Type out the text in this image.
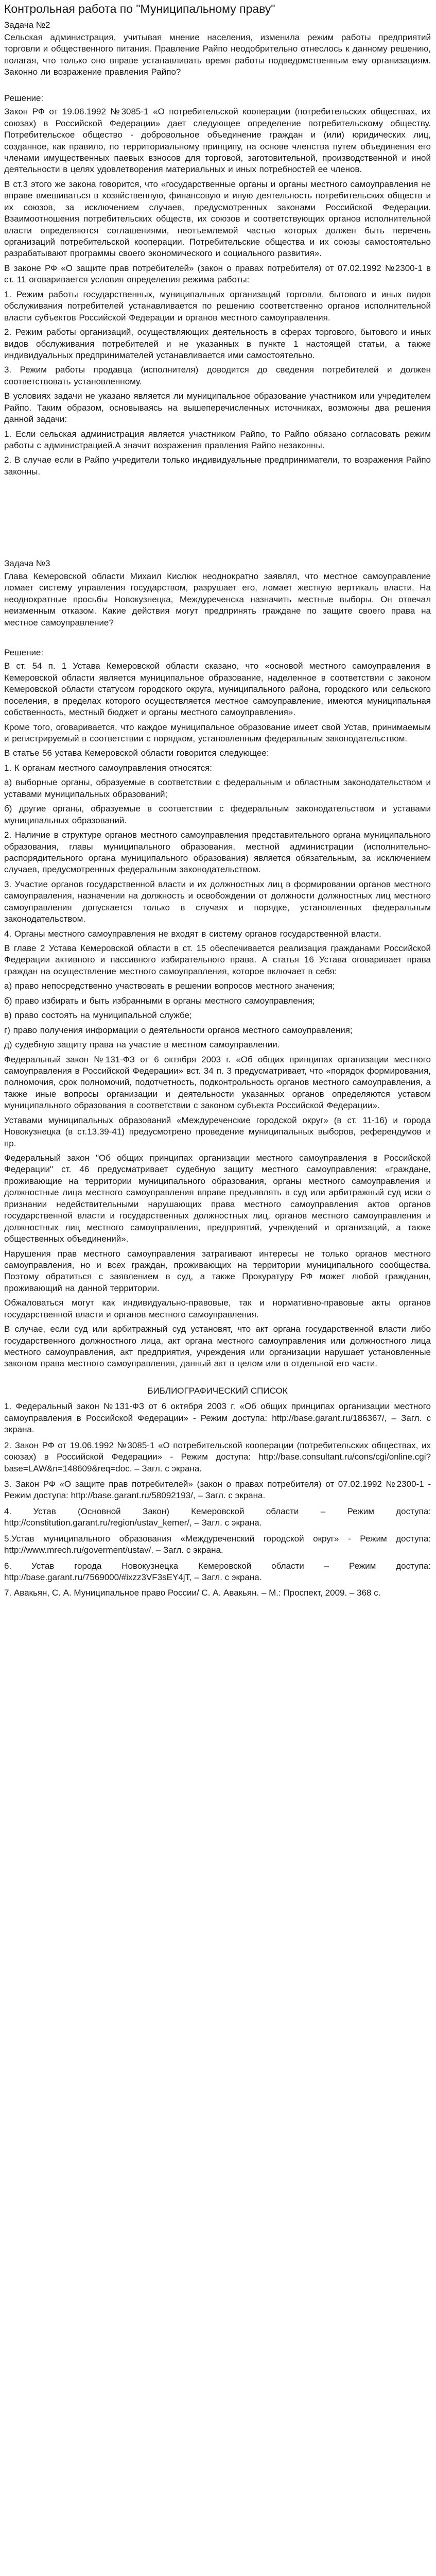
Контрольная работа по "Муниципальному праву"
Задача №2

Сельская администрация, учитывая мнение населения, изменила режим работы предприятий торговли и общественного питания. Правление Райпо неодобрительно отнеслось к данному решению, полагая, что только оно вправе устанавливать время работы подведомственным ему организациям. Законно ли возражение правления Райпо?

Решение:

Закон РФ от 19.06.1992 №3085-1 «О потребительской кооперации (потребительских обществах, их союзах) в Российской Федерации» дает следующее определение потребительскому обществу. Потребительское общество - добровольное объединение граждан и (или) юридических лиц, созданное, как правило, по территориальному принципу, на основе членства путем объединения его членами имущественных паевых взносов для торговой, заготовительной, производственной и иной деятельности в целях удовлетворения материальных и иных потребностей ее членов.

В ст.3 этого же закона говорится, что «государственные органы и органы местного самоуправления не вправе вмешиваться в хозяйственную, финансовую и иную деятельность потребительских обществ и их союзов, за исключением случаев, предусмотренных законами Российской Федерации. Взаимоотношения потребительских обществ, их союзов и соответствующих органов исполнительной власти определяются соглашениями, неотъемлемой частью которых должен быть перечень организаций потребительской кооперации. Потребительские общества и их союзы самостоятельно разрабатывают программы своего экономического и социального развития».

В законе РФ «О защите прав потребителей» (закон о правах потребителя) от 07.02.1992 №2300-1 в ст. 11 оговаривается условия определения режима работы:

1. Режим работы государственных, муниципальных организаций торговли, бытового и иных видов обслуживания потребителей устанавливается по решению соответственно органов исполнительной власти субъектов Российской Федерации и органов местного самоуправления.

2. Режим работы организаций, осуществляющих деятельность в сферах торгового, бытового и иных видов обслуживания потребителей и не указанных в пункте 1 настоящей статьи, а также индивидуальных предпринимателей устанавливается ими самостоятельно.

3. Режим работы продавца (исполнителя) доводится до сведения потребителей и должен соответствовать установленному.

В условиях задачи не указано является ли муниципальное образование участником или учредителем Райпо. Таким образом, основываясь на вышеперечисленных источниках, возможны два решения данной задачи:

1. Если сельская администрация является участником Райпо, то Райпо обязано согласовать режим работы с администрацией.А значит возражения правления Райпо незаконны.

2. В случае если в Райпо учредители только индивидуальные предприниматели, то возражения Райпо законны.

Задача №3

Глава Кемеровской области Михаил Кислюк неоднократно заявлял, что местное самоуправление ломает систему управления государством, разрушает его, ломает жесткую вертикаль власти. На неоднократные просьбы Новокузнецка, Междуреченска назначить местные выборы. Он отвечал неизменным отказом. Какие действия могут предпринять граждане по защите своего права на местное самоуправление?

Решение:

В ст. 54 п. 1 Устава Кемеровской области сказано, что «основой местного самоуправления в Кемеровской области является муниципальное образование, наделенное в соответствии с законом Кемеровской области статусом городского округа, муниципального района, городского или сельского поселения, в пределах которого осуществляется местное самоуправление, имеются муниципальная собственность, местный бюджет и органы местного самоуправления».

Кроме того, оговаривается, что каждое муниципальное образование имеет свой Устав, принимаемым и регистрируемый в соответствии с порядком, установленным федеральным законодательством.

В статье 56 устава Кемеровской области говорится следующее:

1. К органам местного самоуправления относятся:

а) выборные органы, образуемые в соответствии с федеральным и областным законодательством и уставами муниципальных образований;

б) другие органы, образуемые в соответствии с федеральным законодательством и уставами муниципальных образований.

2. Наличие в структуре органов местного самоуправления представительного органа муниципального образования, главы муниципального образования, местной администрации (исполнительно-распорядительного органа муниципального образования) является обязательным, за исключением случаев, предусмотренных федеральным законодательством.

3. Участие органов государственной власти и их должностных лиц в формировании органов местного самоуправления, назначении на должность и освобождении от должности должностных лиц местного самоуправления допускается только в случаях и порядке, установленных федеральным законодательством.

4. Органы местного самоуправления не входят в систему органов государственной власти.

В главе 2 Устава Кемеровской области в ст. 15 обеспечивается реализация гражданами Российской Федерации активного и пассивного избирательного права. А статья 16 Устава оговаривает права граждан на осуществление местного самоуправления, которое включает в себя:

а) право непосредственно участвовать в решении вопросов местного значения;

б) право избирать и быть избранными в органы местного самоуправления;

в) право состоять на муниципальной службе;

г) право получения информации о деятельности органов местного самоуправления;

д) судебную защиту права на участие в местном самоуправлении.

Федеральный закон №131-ФЗ от 6 октября 2003 г. «Об общих принципах организации местного самоуправления в Российской Федерации» вст. 34 п. 3 предусматривает, что «порядок формирования, полномочия, срок полномочий, подотчетность, подконтрольность органов местного самоуправления, а также иные вопросы организации и деятельности указанных органов определяются уставом муниципального образования в соответствии с законом субъекта Российской Федерации».

Уставами муниципальных образований «Междуреченские городской округ» (в ст. 11-16) и города Новокузнецка (в ст.13,39-41) предусмотрено проведение муниципальных выборов, референдумов и пр.

Федеральный закон "Об общих принципах организации местного самоуправления в Российской Федерации" ст. 46 предусматривает судебную защиту местного самоуправления: «граждане, проживающие на территории муниципального образования, органы местного самоуправления и должностные лица местного самоуправления вправе предъявлять в суд или арбитражный суд иски о признании недействительными нарушающих права местного самоуправления актов органов государственной власти и государственных должностных лиц, органов местного самоуправления и должностных лиц местного самоуправления, предприятий, учреждений и организаций, а также общественных объединений».

Нарушения прав местного самоуправления затрагивают интересы не только органов местного самоуправления, но и всех граждан, проживающих на территории муниципального сообщества. Поэтому обратиться с заявлением в суд, а также Прокуратуру РФ может любой гражданин, проживающий на данной территории.

Обжаловаться могут как индивидуально-правовые, так и нормативно-правовые акты органов государственной власти и органов местного самоуправления.

В случае, если суд или арбитражный суд установят, что акт органа государственной власти либо государственного должностного лица, акт органа местного самоуправления или должностного лица местного самоуправления, акт предприятия, учреждения или организации нарушает установленные законом права местного самоуправления, данный акт в целом или в отдельной его части.

БИБЛИОГРАФИЧЕСКИЙ СПИСОК
1. Федеральный закон №131-ФЗ от 6 октября 2003 г. «Об общих принципах организации местного самоуправления в Российской Федерации» - Режим доступа: http://base.garant.ru/186367/, – Загл. с экрана.
2. Закон РФ от 19.06.1992 №3085-1 «О потребительской кооперации (потребительских обществах, их союзах) в Российской Федерации» - Режим доступа: http://base.consultant.ru/cons/cgi/online.cgi?base=LAW&n=148609&req=doc. – Загл. с экрана.
3. Закон РФ «О защите прав потребителей» (закон о правах потребителя) от 07.02.1992 №2300-1 - Режим доступа: http://base.garant.ru/58092193/, – Загл. с экрана.
4. Устав (Основной Закон) Кемеровской области – Режим доступа: http://constitution.garant.ru/region/ustav_kemer/, – Загл. с экрана.
5.Устав муниципального образования «Междуреченский городской округ» - Режим доступа: http://www.mrech.ru/goverment/ustav/. – Загл. с экрана.
6. Устав города Новокузнецка Кемеровской области – Режим доступа: http://base.garant.ru/7569000/#ixzz3VF3sEY4jT, – Загл. с экрана.
7. Авакьян, С. А. Муниципальное право России/ С. А. Авакьян. – М.: Проспект, 2009. – 368 с.
